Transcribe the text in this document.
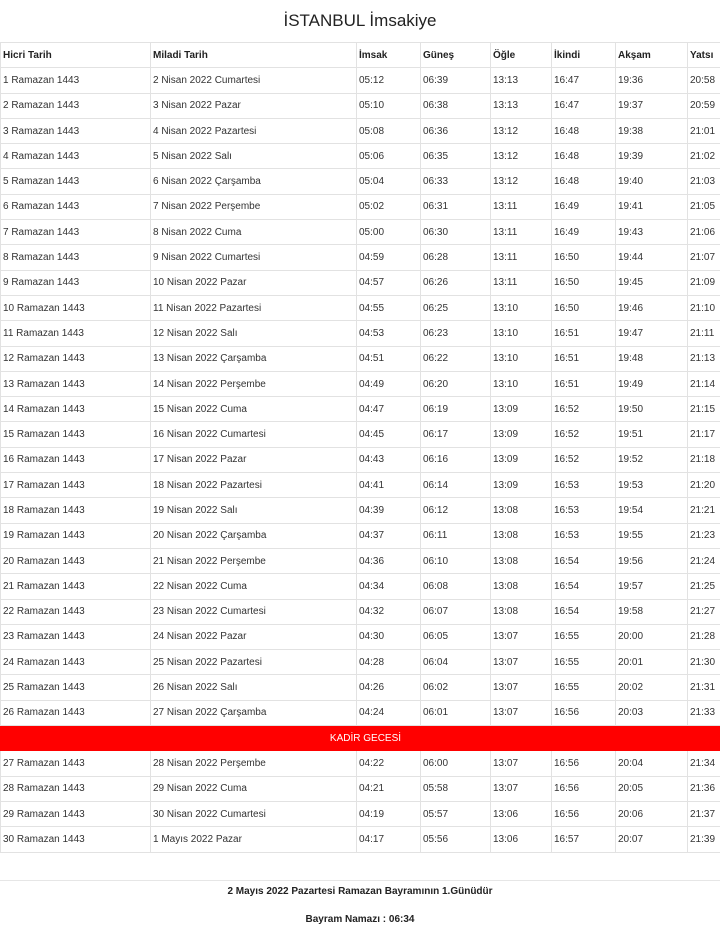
İSTANBUL İmsakiye
Hicri Tarih	Miladi Tarih	İmsak	Güneş	Öğle	İkindi	Akşam	Yatsı
1 Ramazan 1443	2 Nisan 2022 Cumartesi	05:12	06:39	13:13	16:47	19:36	20:58
2 Ramazan 1443	3 Nisan 2022 Pazar	05:10	06:38	13:13	16:47	19:37	20:59
3 Ramazan 1443	4 Nisan 2022 Pazartesi	05:08	06:36	13:12	16:48	19:38	21:01
4 Ramazan 1443	5 Nisan 2022 Salı	05:06	06:35	13:12	16:48	19:39	21:02
5 Ramazan 1443	6 Nisan 2022 Çarşamba	05:04	06:33	13:12	16:48	19:40	21:03
6 Ramazan 1443	7 Nisan 2022 Perşembe	05:02	06:31	13:11	16:49	19:41	21:05
7 Ramazan 1443	8 Nisan 2022 Cuma	05:00	06:30	13:11	16:49	19:43	21:06
8 Ramazan 1443	9 Nisan 2022 Cumartesi	04:59	06:28	13:11	16:50	19:44	21:07
9 Ramazan 1443	10 Nisan 2022 Pazar	04:57	06:26	13:11	16:50	19:45	21:09
10 Ramazan 1443	11 Nisan 2022 Pazartesi	04:55	06:25	13:10	16:50	19:46	21:10
11 Ramazan 1443	12 Nisan 2022 Salı	04:53	06:23	13:10	16:51	19:47	21:11
12 Ramazan 1443	13 Nisan 2022 Çarşamba	04:51	06:22	13:10	16:51	19:48	21:13
13 Ramazan 1443	14 Nisan 2022 Perşembe	04:49	06:20	13:10	16:51	19:49	21:14
14 Ramazan 1443	15 Nisan 2022 Cuma	04:47	06:19	13:09	16:52	19:50	21:15
15 Ramazan 1443	16 Nisan 2022 Cumartesi	04:45	06:17	13:09	16:52	19:51	21:17
16 Ramazan 1443	17 Nisan 2022 Pazar	04:43	06:16	13:09	16:52	19:52	21:18
17 Ramazan 1443	18 Nisan 2022 Pazartesi	04:41	06:14	13:09	16:53	19:53	21:20
18 Ramazan 1443	19 Nisan 2022 Salı	04:39	06:12	13:08	16:53	19:54	21:21
19 Ramazan 1443	20 Nisan 2022 Çarşamba	04:37	06:11	13:08	16:53	19:55	21:23
20 Ramazan 1443	21 Nisan 2022 Perşembe	04:36	06:10	13:08	16:54	19:56	21:24
21 Ramazan 1443	22 Nisan 2022 Cuma	04:34	06:08	13:08	16:54	19:57	21:25
22 Ramazan 1443	23 Nisan 2022 Cumartesi	04:32	06:07	13:08	16:54	19:58	21:27
23 Ramazan 1443	24 Nisan 2022 Pazar	04:30	06:05	13:07	16:55	20:00	21:28
24 Ramazan 1443	25 Nisan 2022 Pazartesi	04:28	06:04	13:07	16:55	20:01	21:30
25 Ramazan 1443	26 Nisan 2022 Salı	04:26	06:02	13:07	16:55	20:02	21:31
26 Ramazan 1443	27 Nisan 2022 Çarşamba	04:24	06:01	13:07	16:56	20:03	21:33
KADİR GECESİ							
27 Ramazan 1443	28 Nisan 2022 Perşembe	04:22	06:00	13:07	16:56	20:04	21:34
28 Ramazan 1443	29 Nisan 2022 Cuma	04:21	05:58	13:07	16:56	20:05	21:36
29 Ramazan 1443	30 Nisan 2022 Cumartesi	04:19	05:57	13:06	16:56	20:06	21:37
30 Ramazan 1443	1 Mayıs 2022 Pazar	04:17	05:56	13:06	16:57	20:07	21:39
2 Mayıs 2022 Pazartesi Ramazan Bayramının 1.Günüdür
Bayram Namazı : 06:34
